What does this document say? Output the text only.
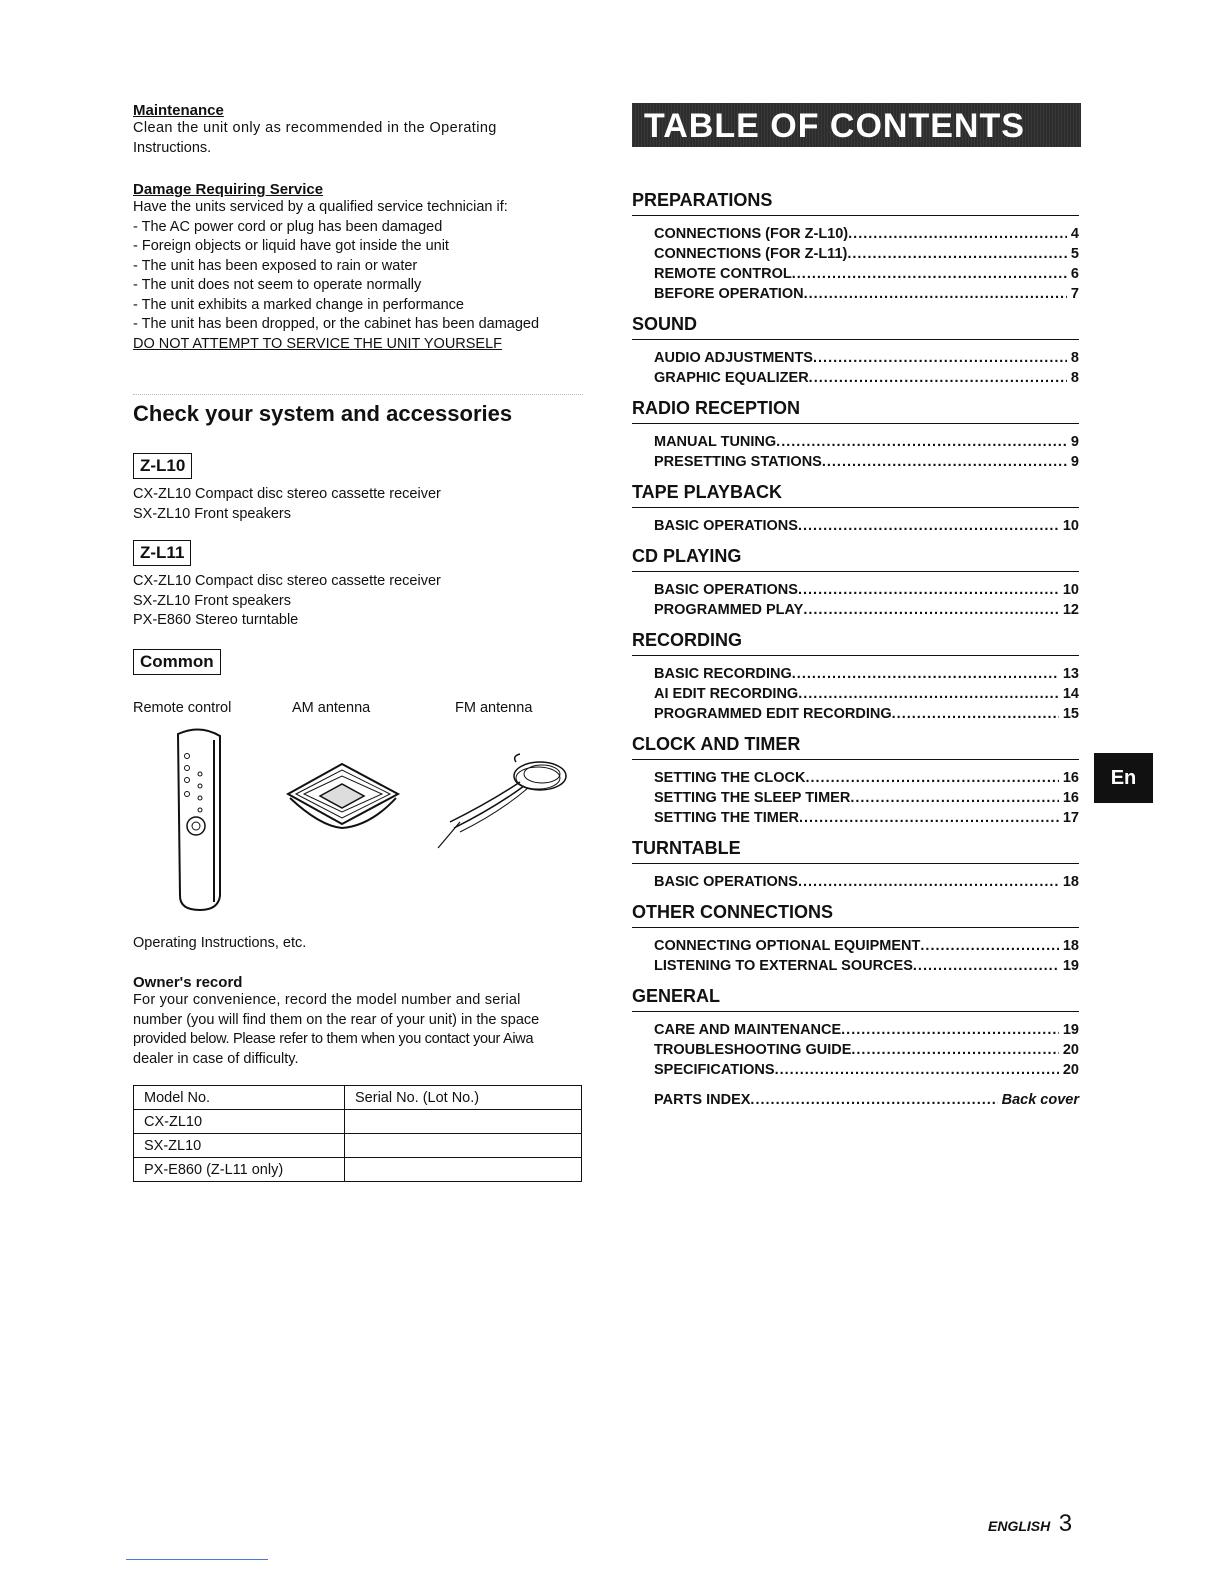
Maintenance
Clean the unit only as recommended in the Operating
Instructions.
Damage Requiring Service
Have the units serviced by a qualified service technician if:
- The AC power cord or plug has been damaged
- Foreign objects or liquid have got inside the unit
- The unit has been exposed to rain or water
- The unit does not seem to operate normally
- The unit exhibits a marked change in performance
- The unit has been dropped, or the cabinet has been damaged
DO NOT ATTEMPT TO SERVICE THE UNIT YOURSELF
Check your system and accessories
Z-L10
CX-ZL10 Compact disc stereo cassette receiver
SX-ZL10 Front speakers
Z-L11
CX-ZL10 Compact disc stereo cassette receiver
SX-ZL10 Front speakers
PX-E860 Stereo turntable
Common
Remote control	AM antenna	FM antenna
Operating Instructions, etc.
Owner's record
For your convenience, record the model number and serial
number (you will find them on the rear of your unit) in the space
provided below. Please refer to them when you contact your Aiwa
dealer in case of difficulty.
Model No.	Serial No. (Lot No.)
CX-ZL10	
SX-ZL10	
PX-E860 (Z-L11 only)	
TABLE OF CONTENTS
PREPARATIONS
CONNECTIONS (FOR Z-L10) .....	4
CONNECTIONS (FOR Z-L11) .....	5
REMOTE CONTROL .....	6
BEFORE OPERATION .....	7
SOUND
AUDIO ADJUSTMENTS .....	8
GRAPHIC EQUALIZER .....	8
RADIO RECEPTION
MANUAL TUNING .....	9
PRESETTING STATIONS .....	9
TAPE PLAYBACK
BASIC OPERATIONS .....	10
CD PLAYING
BASIC OPERATIONS .....	10
PROGRAMMED PLAY .....	12
RECORDING
BASIC RECORDING .....	13
AI EDIT RECORDING .....	14
PROGRAMMED EDIT RECORDING .....	15
CLOCK AND TIMER
SETTING THE CLOCK .....	16
SETTING THE SLEEP TIMER .....	16
SETTING THE TIMER .....	17
TURNTABLE
BASIC OPERATIONS .....	18
OTHER CONNECTIONS
CONNECTING OPTIONAL EQUIPMENT .....	18
LISTENING TO EXTERNAL SOURCES .....	19
GENERAL
CARE AND MAINTENANCE .....	19
TROUBLESHOOTING GUIDE .....	20
SPECIFICATIONS .....	20
PARTS INDEX .....	Back cover
En
ENGLISH 3
